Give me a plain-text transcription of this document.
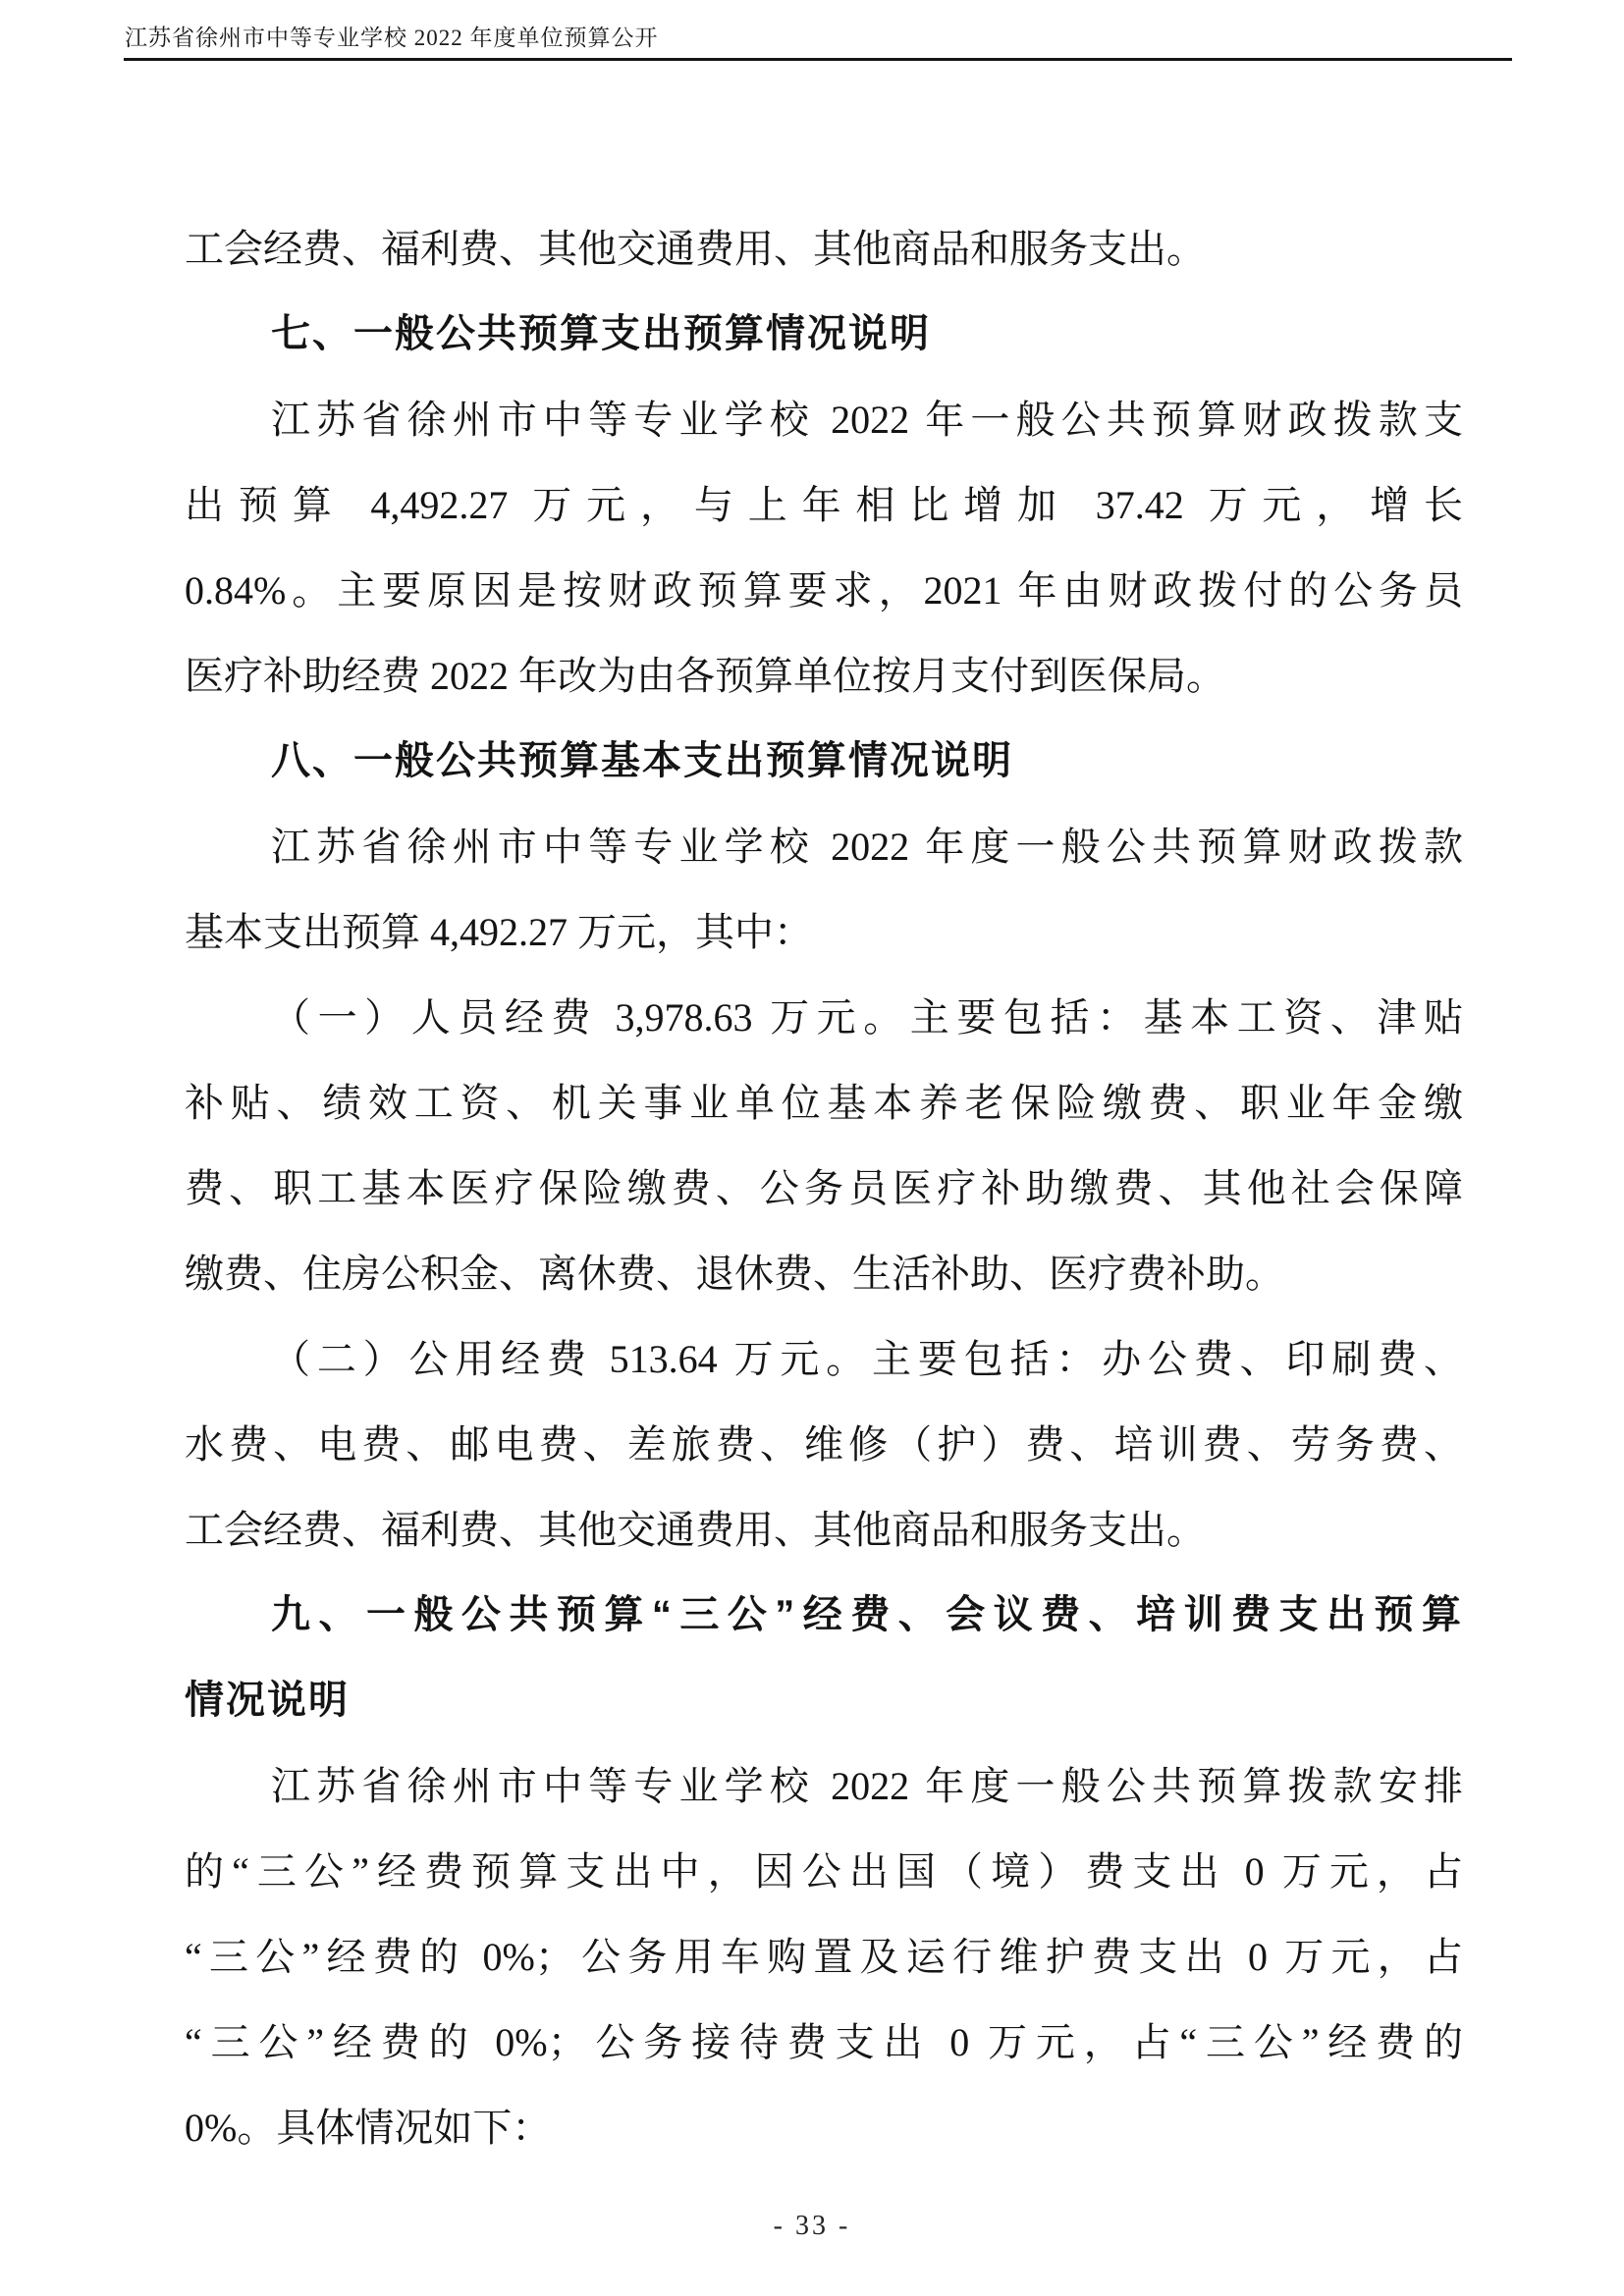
江苏省徐州市中等专业学校 2022 年度单位预算公开
工会经费、福利费、其他交通费用、其他商品和服务支出。
七、一般公共预算支出预算情况说明
江苏省徐州市中等专业学校 2022 年一般公共预算财政拨款支
出预算 4,492.27 万元，与上年相比增加 37.42 万元，增长
0.84%。主要原因是按财政预算要求，2021 年由财政拨付的公务员
医疗补助经费 2022 年改为由各预算单位按月支付到医保局。
八、一般公共预算基本支出预算情况说明
江苏省徐州市中等专业学校 2022 年度一般公共预算财政拨款
基本支出预算 4,492.27 万元，其中：
（一）人员经费 3,978.63 万元。主要包括：基本工资、津贴
补贴、绩效工资、机关事业单位基本养老保险缴费、职业年金缴
费、职工基本医疗保险缴费、公务员医疗补助缴费、其他社会保障
缴费、住房公积金、离休费、退休费、生活补助、医疗费补助。
（二）公用经费 513.64 万元。主要包括：办公费、印刷费、
水费、电费、邮电费、差旅费、维修（护）费、培训费、劳务费、
工会经费、福利费、其他交通费用、其他商品和服务支出。
九、一般公共预算“三公”经费、会议费、培训费支出预算
情况说明
江苏省徐州市中等专业学校 2022 年度一般公共预算拨款安排
的“三公”经费预算支出中，因公出国（境）费支出 0 万元，占
“三公”经费的 0%；公务用车购置及运行维护费支出 0 万元，占
“三公”经费的 0%；公务接待费支出 0 万元，占“三公”经费的
0%。具体情况如下：
- 33 -
